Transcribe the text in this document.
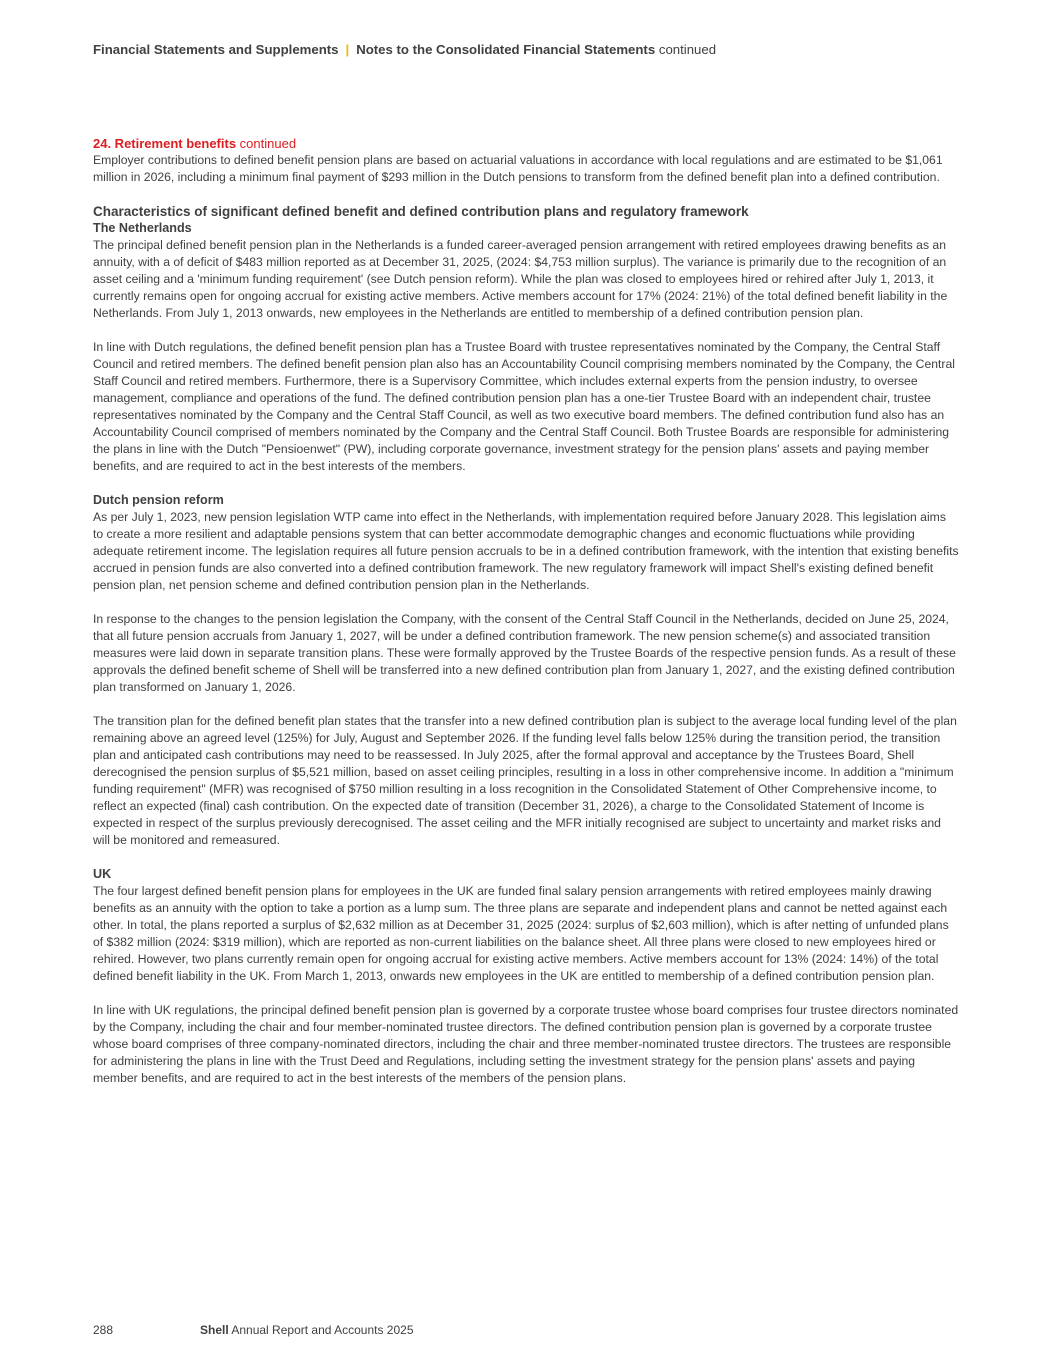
Financial Statements and Supplements | Notes to the Consolidated Financial Statements continued
24. Retirement benefits continued

Employer contributions to defined benefit pension plans are based on actuarial valuations in accordance with local regulations and are estimated to be $1,061 million in 2026, including a minimum final payment of $293 million in the Dutch pensions to transform from the defined benefit plan into a defined contribution.

Characteristics of significant defined benefit and defined contribution plans and regulatory framework
The Netherlands

The principal defined benefit pension plan in the Netherlands is a funded career-averaged pension arrangement with retired employees drawing benefits as an annuity, with a of deficit of $483 million reported as at December 31, 2025, (2024: $4,753 million surplus). The variance is primarily due to the recognition of an asset ceiling and a 'minimum funding requirement' (see Dutch pension reform). While the plan was closed to employees hired or rehired after July 1, 2013, it currently remains open for ongoing accrual for existing active members. Active members account for 17% (2024: 21%) of the total defined benefit liability in the Netherlands. From July 1, 2013 onwards, new employees in the Netherlands are entitled to membership of a defined contribution pension plan.

In line with Dutch regulations, the defined benefit pension plan has a Trustee Board with trustee representatives nominated by the Company, the Central Staff Council and retired members. The defined benefit pension plan also has an Accountability Council comprising members nominated by the Company, the Central Staff Council and retired members. Furthermore, there is a Supervisory Committee, which includes external experts from the pension industry, to oversee management, compliance and operations of the fund. The defined contribution pension plan has a one-tier Trustee Board with an independent chair, trustee representatives nominated by the Company and the Central Staff Council, as well as two executive board members. The defined contribution fund also has an Accountability Council comprised of members nominated by the Company and the Central Staff Council. Both Trustee Boards are responsible for administering the plans in line with the Dutch "Pensioenwet" (PW), including corporate governance, investment strategy for the pension plans' assets and paying member benefits, and are required to act in the best interests of the members.

Dutch pension reform

As per July 1, 2023, new pension legislation WTP came into effect in the Netherlands, with implementation required before January 2028. This legislation aims to create a more resilient and adaptable pensions system that can better accommodate demographic changes and economic fluctuations while providing adequate retirement income. The legislation requires all future pension accruals to be in a defined contribution framework, with the intention that existing benefits accrued in pension funds are also converted into a defined contribution framework. The new regulatory framework will impact Shell's existing defined benefit pension plan, net pension scheme and defined contribution pension plan in the Netherlands.

In response to the changes to the pension legislation the Company, with the consent of the Central Staff Council in the Netherlands, decided on June 25, 2024, that all future pension accruals from January 1, 2027, will be under a defined contribution framework. The new pension scheme(s) and associated transition measures were laid down in separate transition plans. These were formally approved by the Trustee Boards of the respective pension funds. As a result of these approvals the defined benefit scheme of Shell will be transferred into a new defined contribution plan from January 1, 2027, and the existing defined contribution plan transformed on January 1, 2026.

The transition plan for the defined benefit plan states that the transfer into a new defined contribution plan is subject to the average local funding level of the plan remaining above an agreed level (125%) for July, August and September 2026. If the funding level falls below 125% during the transition period, the transition plan and anticipated cash contributions may need to be reassessed. In July 2025, after the formal approval and acceptance by the Trustees Board, Shell derecognised the pension surplus of $5,521 million, based on asset ceiling principles, resulting in a loss in other comprehensive income. In addition a "minimum funding requirement" (MFR) was recognised of $750 million resulting in a loss recognition in the Consolidated Statement of Other Comprehensive income, to reflect an expected (final) cash contribution. On the expected date of transition (December 31, 2026), a charge to the Consolidated Statement of Income is expected in respect of the surplus previously derecognised. The asset ceiling and the MFR initially recognised are subject to uncertainty and market risks and will be monitored and remeasured.

UK

The four largest defined benefit pension plans for employees in the UK are funded final salary pension arrangements with retired employees mainly drawing benefits as an annuity with the option to take a portion as a lump sum. The three plans are separate and independent plans and cannot be netted against each other. In total, the plans reported a surplus of $2,632 million as at December 31, 2025 (2024: surplus of $2,603 million), which is after netting of unfunded plans of $382 million (2024: $319 million), which are reported as non-current liabilities on the balance sheet. All three plans were closed to new employees hired or rehired. However, two plans currently remain open for ongoing accrual for existing active members. Active members account for 13% (2024: 14%) of the total defined benefit liability in the UK. From March 1, 2013, onwards new employees in the UK are entitled to membership of a defined contribution pension plan.

In line with UK regulations, the principal defined benefit pension plan is governed by a corporate trustee whose board comprises four trustee directors nominated by the Company, including the chair and four member-nominated trustee directors. The defined contribution pension plan is governed by a corporate trustee whose board comprises of three company-nominated directors, including the chair and three member-nominated trustee directors. The trustees are responsible for administering the plans in line with the Trust Deed and Regulations, including setting the investment strategy for the pension plans' assets and paying member benefits, and are required to act in the best interests of the members of the pension plans.

288	Shell Annual Report and Accounts 2025
